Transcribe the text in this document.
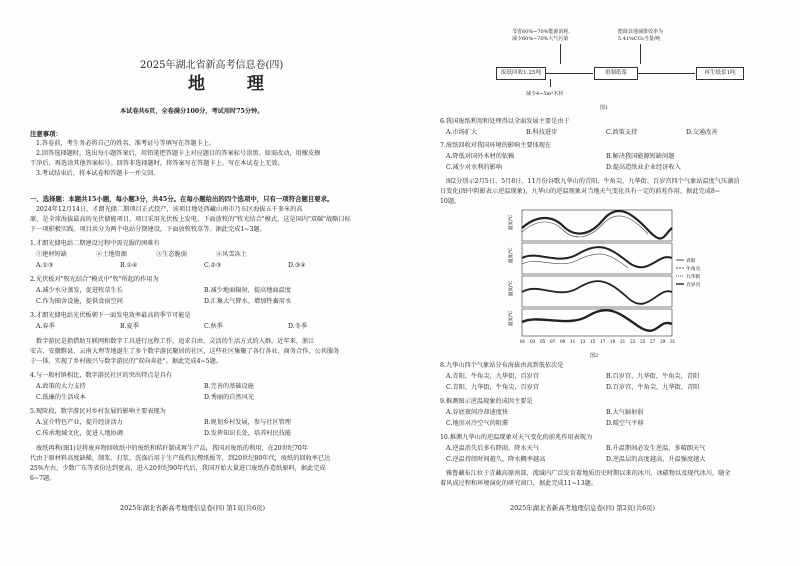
2025年湖北省新高考信息卷(四)
地 理
本试卷共6页，全卷满分100分，考试用时75分钟。
注意事项：
1.答卷前，考生务必将自己的姓名、准考证号等填写在答题卡上。
2.回答选择题时，选出每小题答案后，用铅笔把答题卡上对应题目的答案标号涂黑。如需改动，用橡皮擦
干净后，再选涂其他答案标号。回答非选择题时，将答案写在答题卡上。写在本试卷上无效。
3.考试结束后，将本试卷和答题卡一并交回。
一、选择题：本题共15小题，每小题3分，共45分。在每小题给出的四个选项中，只有一项符合题目要求。
2024年12月14日，才朗光储二期项目正式投产，该项目地处西藏山南市乃东区海拔五千多米的高
原，是全球海拔最高的光伏储能项目，项目采用光伏板上发电、下面放牧的"牧光结合"模式，这是国内"双碳"战略目标
下一项积极实践。项目共分为两个电站分期建设，下面放牧牧草等。据此完成1~3题。
1.才朗光储电站二期建设过程中需克服的困难有
①建材短缺	②土地资源	③生态脆弱	④风雪冻土
A.①③	B.①④	C.②③	D.③④
2.光伏板对"牧光结合"模式中"牧"所起的作用为
A.减少水分蒸发，促进牧草生长	B.减少地面辐射，提高地面温度
C.作为圈舍设施，提供食宿空间	D.汇集大气降水，增加牲畜用水
3.才朗光储电站光伏板朝下一面发电效率最高的季节可能是
A.春季	B.夏季	C.秋季	D.冬季
数字游民是指借助互联网和数字工具进行远程工作，追求自由、灵活的生活方式的人群。近年来，浙江
安吉、安徽黟县、云南大理等地诞生了多个数字游民聚居的社区，这些社区集聚了各行各业、商务合作、公共服务
于一体，实现了乡村振兴与数字游民的"双向奔赴"。据此完成4~5题。
4.与一般村镇相比，数字游民社区的突出特点是具有
A.政策的大力支持	B.完善的基础设施
C.低廉的生活成本	D.秀丽的自然风光
5.现阶段，数字游民对乡村发展的影响主要表现为
A.宣介特色产业，提升经济活力	B.规划乡村发展，参与社区管理
C.传承地域文化，促进人地协调	D.发挥知识长处，培养村民技能
废纸再利(图1)是将废弃物回收纸中的废纸和秸秆制成再生产品，我国对废纸的利用，在20世纪70年
代由于原材料高度缺稀，制浆、打浆，洗涤后用于生产低档瓦楞纸板等，到20世纪80年代，废纸的回收率已达
25%左右，少数广东等省份达到更高，进入20世纪90年代后，我国开始大量进口废纸作造纸原料，据此完成
6~7题。
2025年湖北省新高考地理信息卷(四) 第1页(共6页)
节省60%~70%能源消耗、
减少60%~70%大气污染
能降其他减排效率为
5.41%CO₂当量/吨
废纸回收1.25吨	重制纸浆	再生纸浆1吨
减少4~5m³木材
图1
6.我国废纸利用和处理得以全面发展主要是由于
A.市场扩大	B.科技进步	C.政策支持	D.交通改善
7.废纸回收对我国环境的影响主要体现在
A.降低对国外木材的依赖	B.解决我国能源短缺问题
C.减少对水利的影响	D.提高造纸业企业经济收入
图2分别示2月5日、5月8日、11月份谷歌九华山的青阳、牛角尖、九华街、百岁宫四个气象站温度气压湖泊
日变化(图中阴影表示逆温现象)，九华山的逆温现象对当地天气变化具有一定的前兆作用，据此完成8~
10题。
温度/℃
温度/℃
温度/℃
温度/℃
01 03 05 07 09 11 13 15 17 19 21 23 25 27 29 31
青阳
牛角尖
九华街
百岁宫
图2
8.九华山四个气象站分布海拔由高到低依次是
A.青阳，牛角尖，九华街，百岁宫	B.百岁宫，九华街，牛角尖，青阳
C.青阳，九华街，牛角尖，百岁宫	D.百岁宫，牛角尖，九华街，青阳
9.推测图示逆温现象的成因主要是
A.谷底夜间冷却速度快	B.大气辐射弱
C.地形对冷空气的阻滞	D.暖空气平移
10.推测九华山的逆温现象对天气变化的前兆作用表现为
A.逆温消失后多有降雨，降水天气	B.升温期间必发生逆温，多晴朗天气
C.逆温持续时间越久，降水概率越高	D.逆温层的高度越高，升温强度越大
雅鲁藏布江位于青藏高原南部，流域内广泛发育着地质历史时期以来的冰川、冰碛物以及现代冰川，随全
着风成过程和环境演化的研究窗口，据此完成11~13题。
2025年湖北省新高考地理信息卷(四) 第2页(共6页)
